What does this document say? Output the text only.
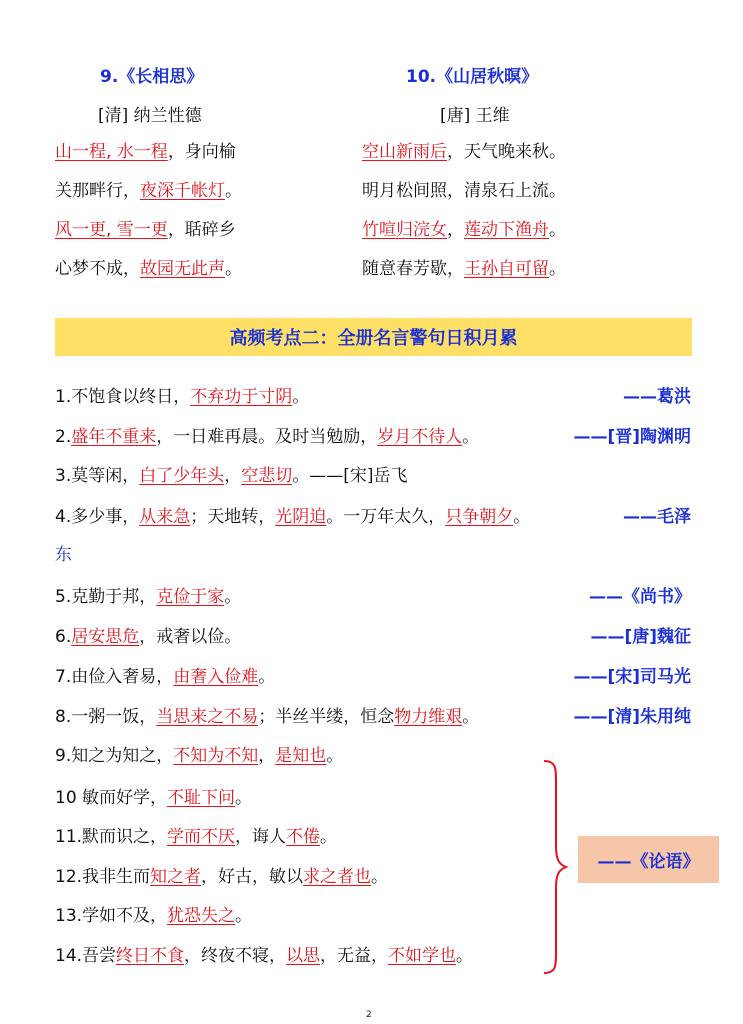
9.《长相思》
[清] 纳兰性德
山一程, 水一程，身向榆
关那畔行，夜深千帐灯。
风一更, 雪一更，聒碎乡
心梦不成，故园无此声。
10.《山居秋暝》
[唐] 王维
空山新雨后，天气晚来秋。
明月松间照，清泉石上流。
竹喧归浣女，莲动下渔舟。
随意春芳歇，王孙自可留。
高频考点二：全册名言警句日积月累
1.不饱食以终日，不弃功于寸阴。	——葛洪
2.盛年不重来，一日难再晨。及时当勉励，岁月不待人。	——[晋]陶渊明
3.莫等闲，白了少年头，空悲切。——[宋]岳飞
4.多少事，从来急；天地转，光阴迫。一万年太久，只争朝夕。	——毛泽
东
5.克勤于邦，克俭于家。	——《尚书》
6.居安思危，戒奢以俭。	——[唐]魏征
7.由俭入奢易，由奢入俭难。	——[宋]司马光
8.一粥一饭，当思来之不易；半丝半缕，恒念物力维艰。	——[清]朱用纯
9.知之为知之，不知为不知，是知也。
10 敏而好学，不耻下问。
11.默而识之，学而不厌，诲人不倦。
12.我非生而知之者，好古，敏以求之者也。
13.学如不及，犹恐失之。
14.吾尝终日不食，终夜不寝，以思，无益，不如学也。
——《论语》
2
